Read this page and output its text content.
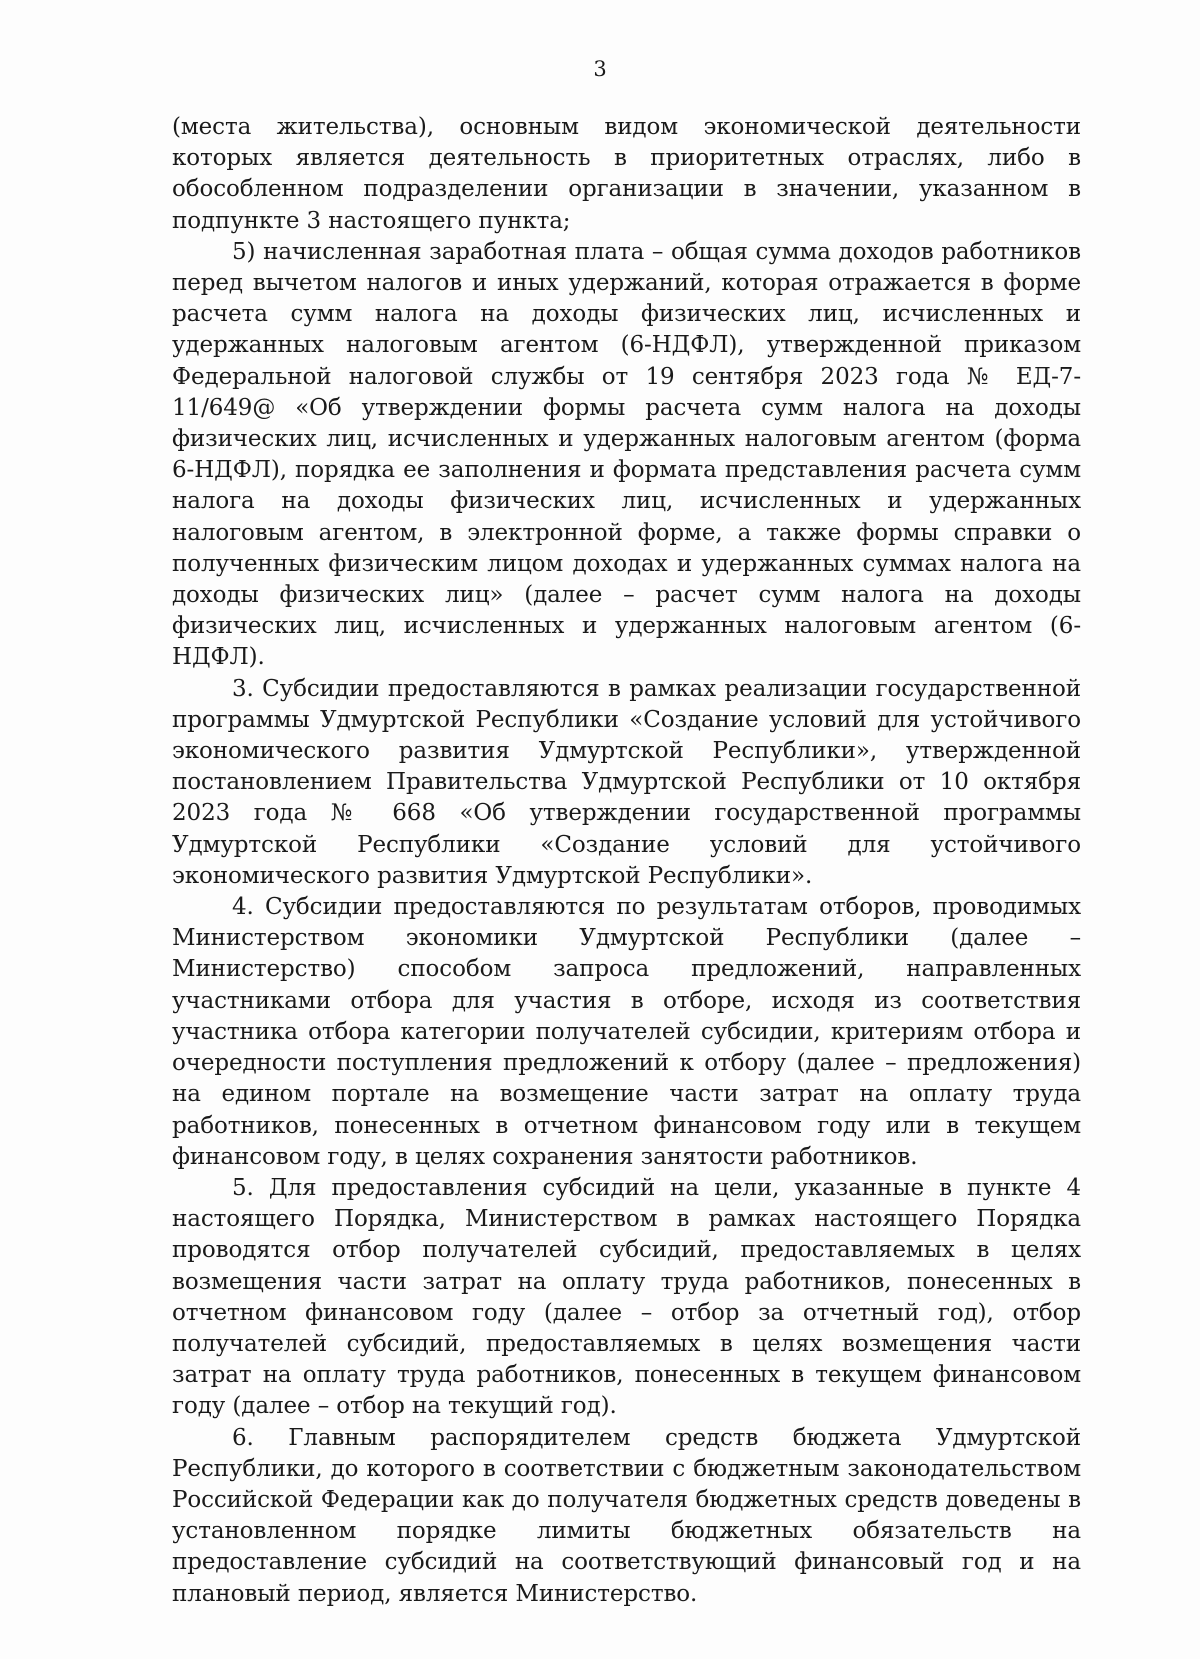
3

(места жительства), основным видом экономической деятельности которых является деятельность в приоритетных отраслях, либо в обособленном подразделении организации в значении, указанном в подпункте 3 настоящего пункта;

5) начисленная заработная плата – общая сумма доходов работников перед вычетом налогов и иных удержаний, которая отражается в форме расчета сумм налога на доходы физических лиц, исчисленных и удержанных налоговым агентом (6-НДФЛ), утвержденной приказом Федеральной налоговой службы от 19 сентября 2023 года № ЕД-7-11/649@ «Об утверждении формы расчета сумм налога на доходы физических лиц, исчисленных и удержанных налоговым агентом (форма 6-НДФЛ), порядка ее заполнения и формата представления расчета сумм налога на доходы физических лиц, исчисленных и удержанных налоговым агентом, в электронной форме, а также формы справки о полученных физическим лицом доходах и удержанных суммах налога на доходы физических лиц» (далее – расчет сумм налога на доходы физических лиц, исчисленных и удержанных налоговым агентом (6-НДФЛ).

3. Субсидии предоставляются в рамках реализации государственной программы Удмуртской Республики «Создание условий для устойчивого экономического развития Удмуртской Республики», утвержденной постановлением Правительства Удмуртской Республики от 10 октября 2023 года № 668 «Об утверждении государственной программы Удмуртской Республики «Создание условий для устойчивого экономического развития Удмуртской Республики».

4. Субсидии предоставляются по результатам отборов, проводимых Министерством экономики Удмуртской Республики (далее – Министерство) способом запроса предложений, направленных участниками отбора для участия в отборе, исходя из соответствия участника отбора категории получателей субсидии, критериям отбора и очередности поступления предложений к отбору (далее – предложения) на едином портале на возмещение части затрат на оплату труда работников, понесенных в отчетном финансовом году или в текущем финансовом году, в целях сохранения занятости работников.

5. Для предоставления субсидий на цели, указанные в пункте 4 настоящего Порядка, Министерством в рамках настоящего Порядка проводятся отбор получателей субсидий, предоставляемых в целях возмещения части затрат на оплату труда работников, понесенных в отчетном финансовом году (далее – отбор за отчетный год), отбор получателей субсидий, предоставляемых в целях возмещения части затрат на оплату труда работников, понесенных в текущем финансовом году (далее – отбор на текущий год).

6. Главным распорядителем средств бюджета Удмуртской Республики, до которого в соответствии с бюджетным законодательством Российской Федерации как до получателя бюджетных средств доведены в установленном порядке лимиты бюджетных обязательств на предоставление субсидий на соответствующий финансовый год и на плановый период, является Министерство.
